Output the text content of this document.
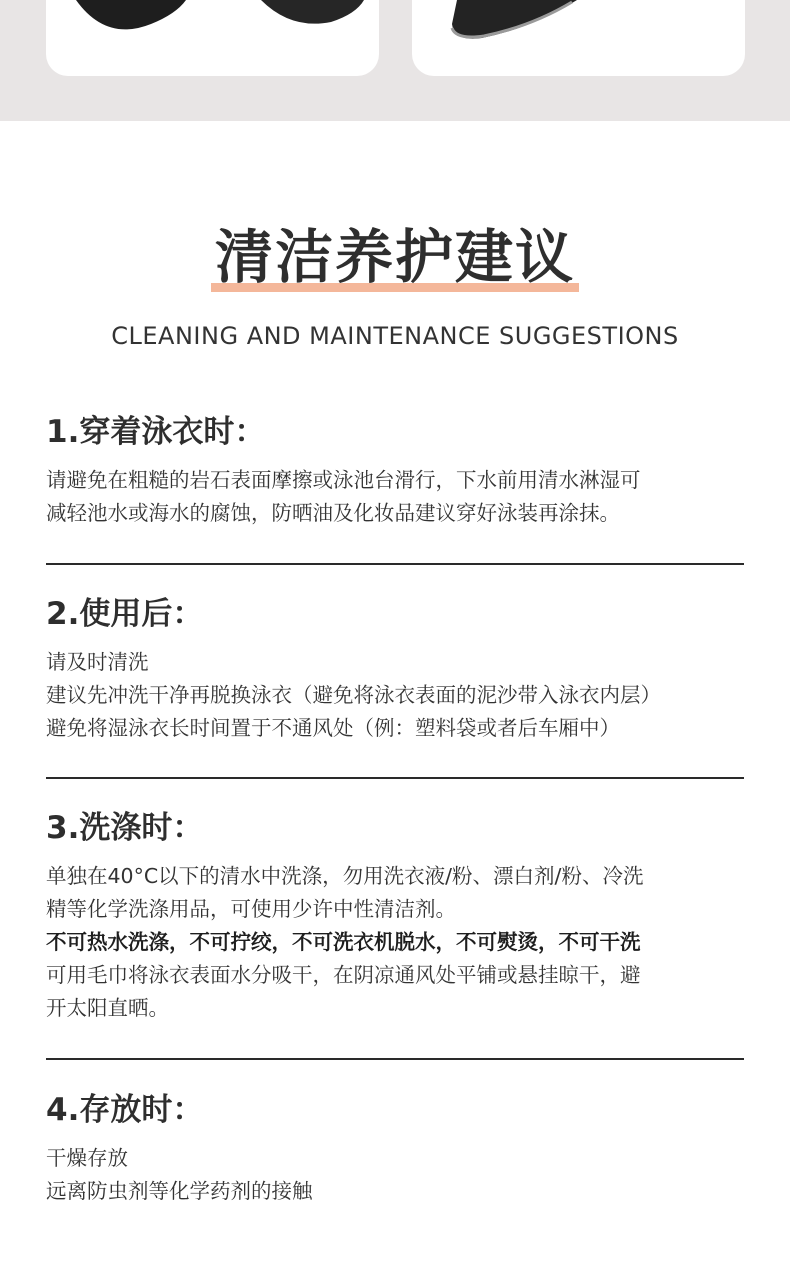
清洁养护建议
CLEANING AND MAINTENANCE SUGGESTIONS
1.穿着泳衣时：

请避免在粗糙的岩石表面摩擦或泳池台滑行，下水前用清水淋湿可

减轻池水或海水的腐蚀，防晒油及化妆品建议穿好泳装再涂抹。

2.使用后：

请及时清洗

建议先冲洗干净再脱换泳衣（避免将泳衣表面的泥沙带入泳衣内层）

避免将湿泳衣长时间置于不通风处（例：塑料袋或者后车厢中）

3.洗涤时：

单独在40°C以下的清水中洗涤，勿用洗衣液/粉、漂白剂/粉、冷洗

精等化学洗涤用品，可使用少许中性清洁剂。

不可热水洗涤，不可拧绞，不可洗衣机脱水，不可熨烫，不可干洗

可用毛巾将泳衣表面水分吸干，在阴凉通风处平铺或悬挂晾干，避

开太阳直晒。

4.存放时：

干燥存放

远离防虫剂等化学药剂的接触
